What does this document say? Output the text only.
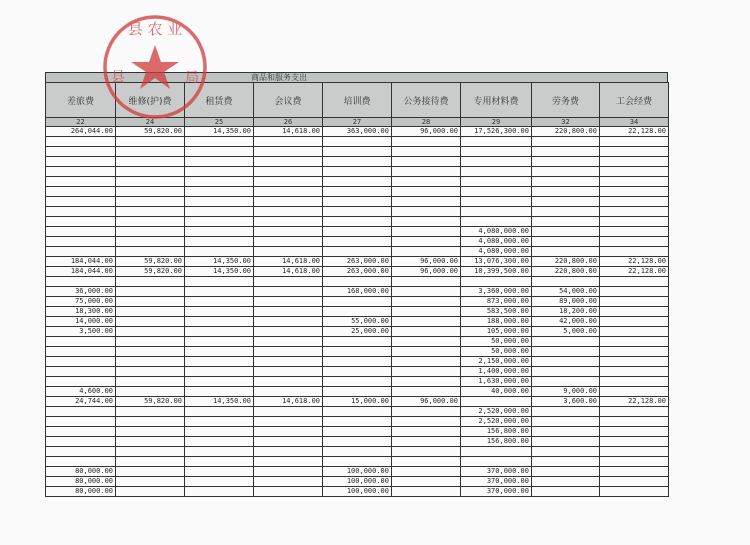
商品和服务支出
差旅费	维修(护)费	租赁费	会议费	培训费	公务接待费	专用材料费	劳务费	工会经费
22	24	25	26	27	28	29	32	34
264,044.00	59,820.00	14,350.00	14,618.00	363,000.00	96,000.00	17,526,300.00	220,800.00	22,128.00

						4,080,000.00		
						4,080,000.00		
						4,080,000.00		
184,044.00	59,820.00	14,350.00	14,618.00	263,000.00	96,000.00	13,076,300.00	220,800.00	22,128.00
184,044.00	59,820.00	14,350.00	14,618.00	263,000.00	96,000.00	10,399,500.00	220,800.00	22,128.00

36,000.00				168,000.00		3,360,000.00	54,000.00	
75,000.00						873,000.00	89,000.00	
18,300.00						583,500.00	18,200.00	
14,000.00				55,000.00		188,000.00	42,000.00	
3,500.00				25,000.00		105,000.00	5,000.00	
						50,000.00		
						50,000.00		
						2,150,000.00		
						1,400,000.00		
						1,630,000.00		
4,600.00						40,000.00	9,000.00	
24,744.00	59,820.00	14,350.00	14,618.00	15,000.00	96,000.00		3,600.00	22,128.00
						2,520,000.00		
						2,520,000.00		
						156,800.00		
						156,800.00		

80,000.00				100,000.00		370,000.00		
80,000.00				100,000.00		370,000.00		
80,000.00				100,000.00		370,000.00		
县 农 业
县	局
